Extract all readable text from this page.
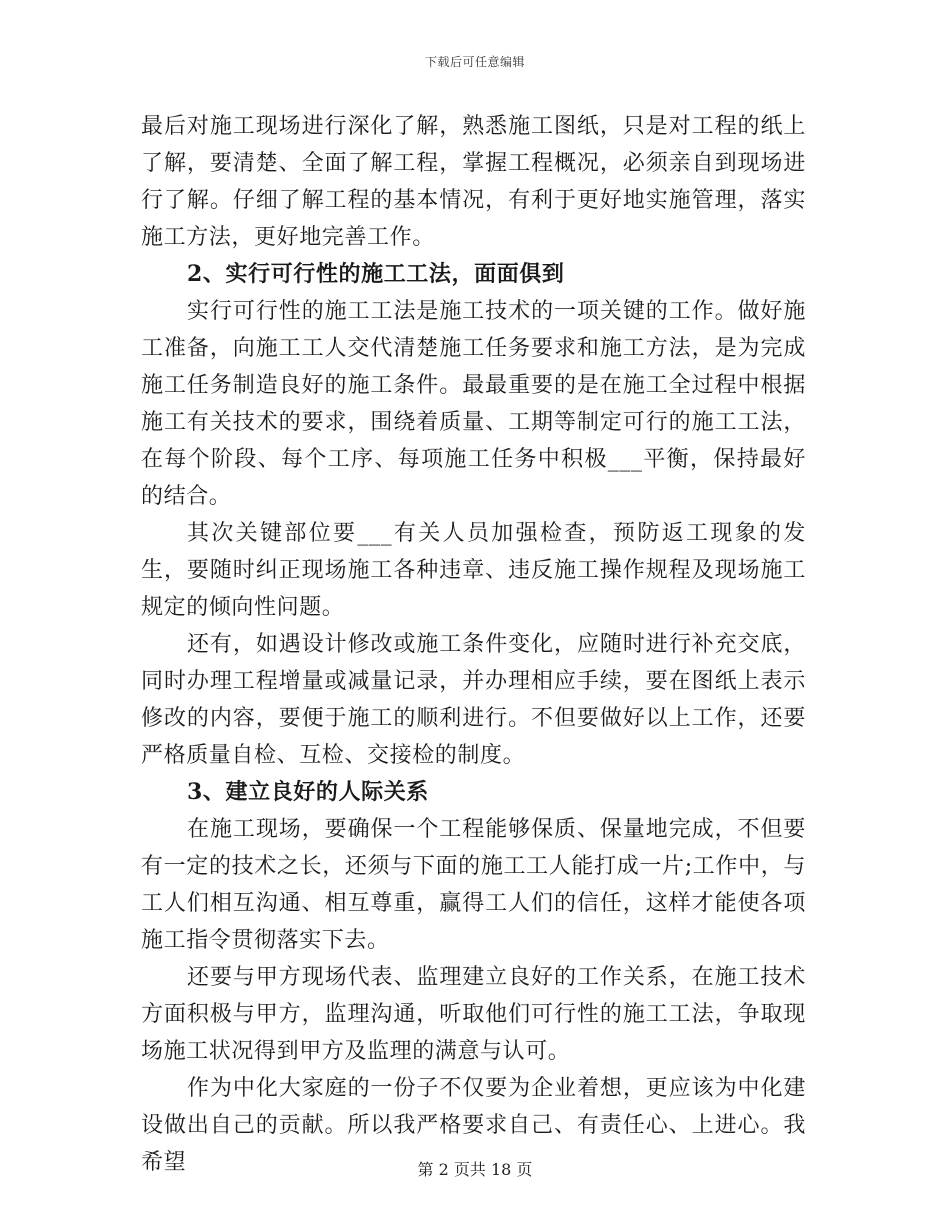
下载后可任意编辑

最后对施工现场进行深化了解，熟悉施工图纸，只是对工程的纸上了解，要清楚、全面了解工程，掌握工程概况，必须亲自到现场进行了解。仔细了解工程的基本情况，有利于更好地实施管理，落实施工方法，更好地完善工作。

2、实行可行性的施工工法，面面俱到

实行可行性的施工工法是施工技术的一项关键的工作。做好施工准备，向施工工人交代清楚施工任务要求和施工方法，是为完成施工任务制造良好的施工条件。最最重要的是在施工全过程中根据施工有关技术的要求，围绕着质量、工期等制定可行的施工工法，在每个阶段、每个工序、每项施工任务中积极___平衡，保持最好的结合。

其次关键部位要___有关人员加强检查，预防返工现象的发生，要随时纠正现场施工各种违章、违反施工操作规程及现场施工规定的倾向性问题。

还有，如遇设计修改或施工条件变化，应随时进行补充交底，同时办理工程增量或减量记录，并办理相应手续，要在图纸上表示修改的内容，要便于施工的顺利进行。不但要做好以上工作，还要严格质量自检、互检、交接检的制度。

3、建立良好的人际关系

在施工现场，要确保一个工程能够保质、保量地完成，不但要有一定的技术之长，还须与下面的施工工人能打成一片;工作中，与工人们相互沟通、相互尊重，赢得工人们的信任，这样才能使各项施工指令贯彻落实下去。

还要与甲方现场代表、监理建立良好的工作关系，在施工技术方面积极与甲方，监理沟通，听取他们可行性的施工工法，争取现场施工状况得到甲方及监理的满意与认可。

作为中化大家庭的一份子不仅要为企业着想，更应该为中化建设做出自己的贡献。所以我严格要求自己、有责任心、上进心。我希望	第 2 页共 18 页
